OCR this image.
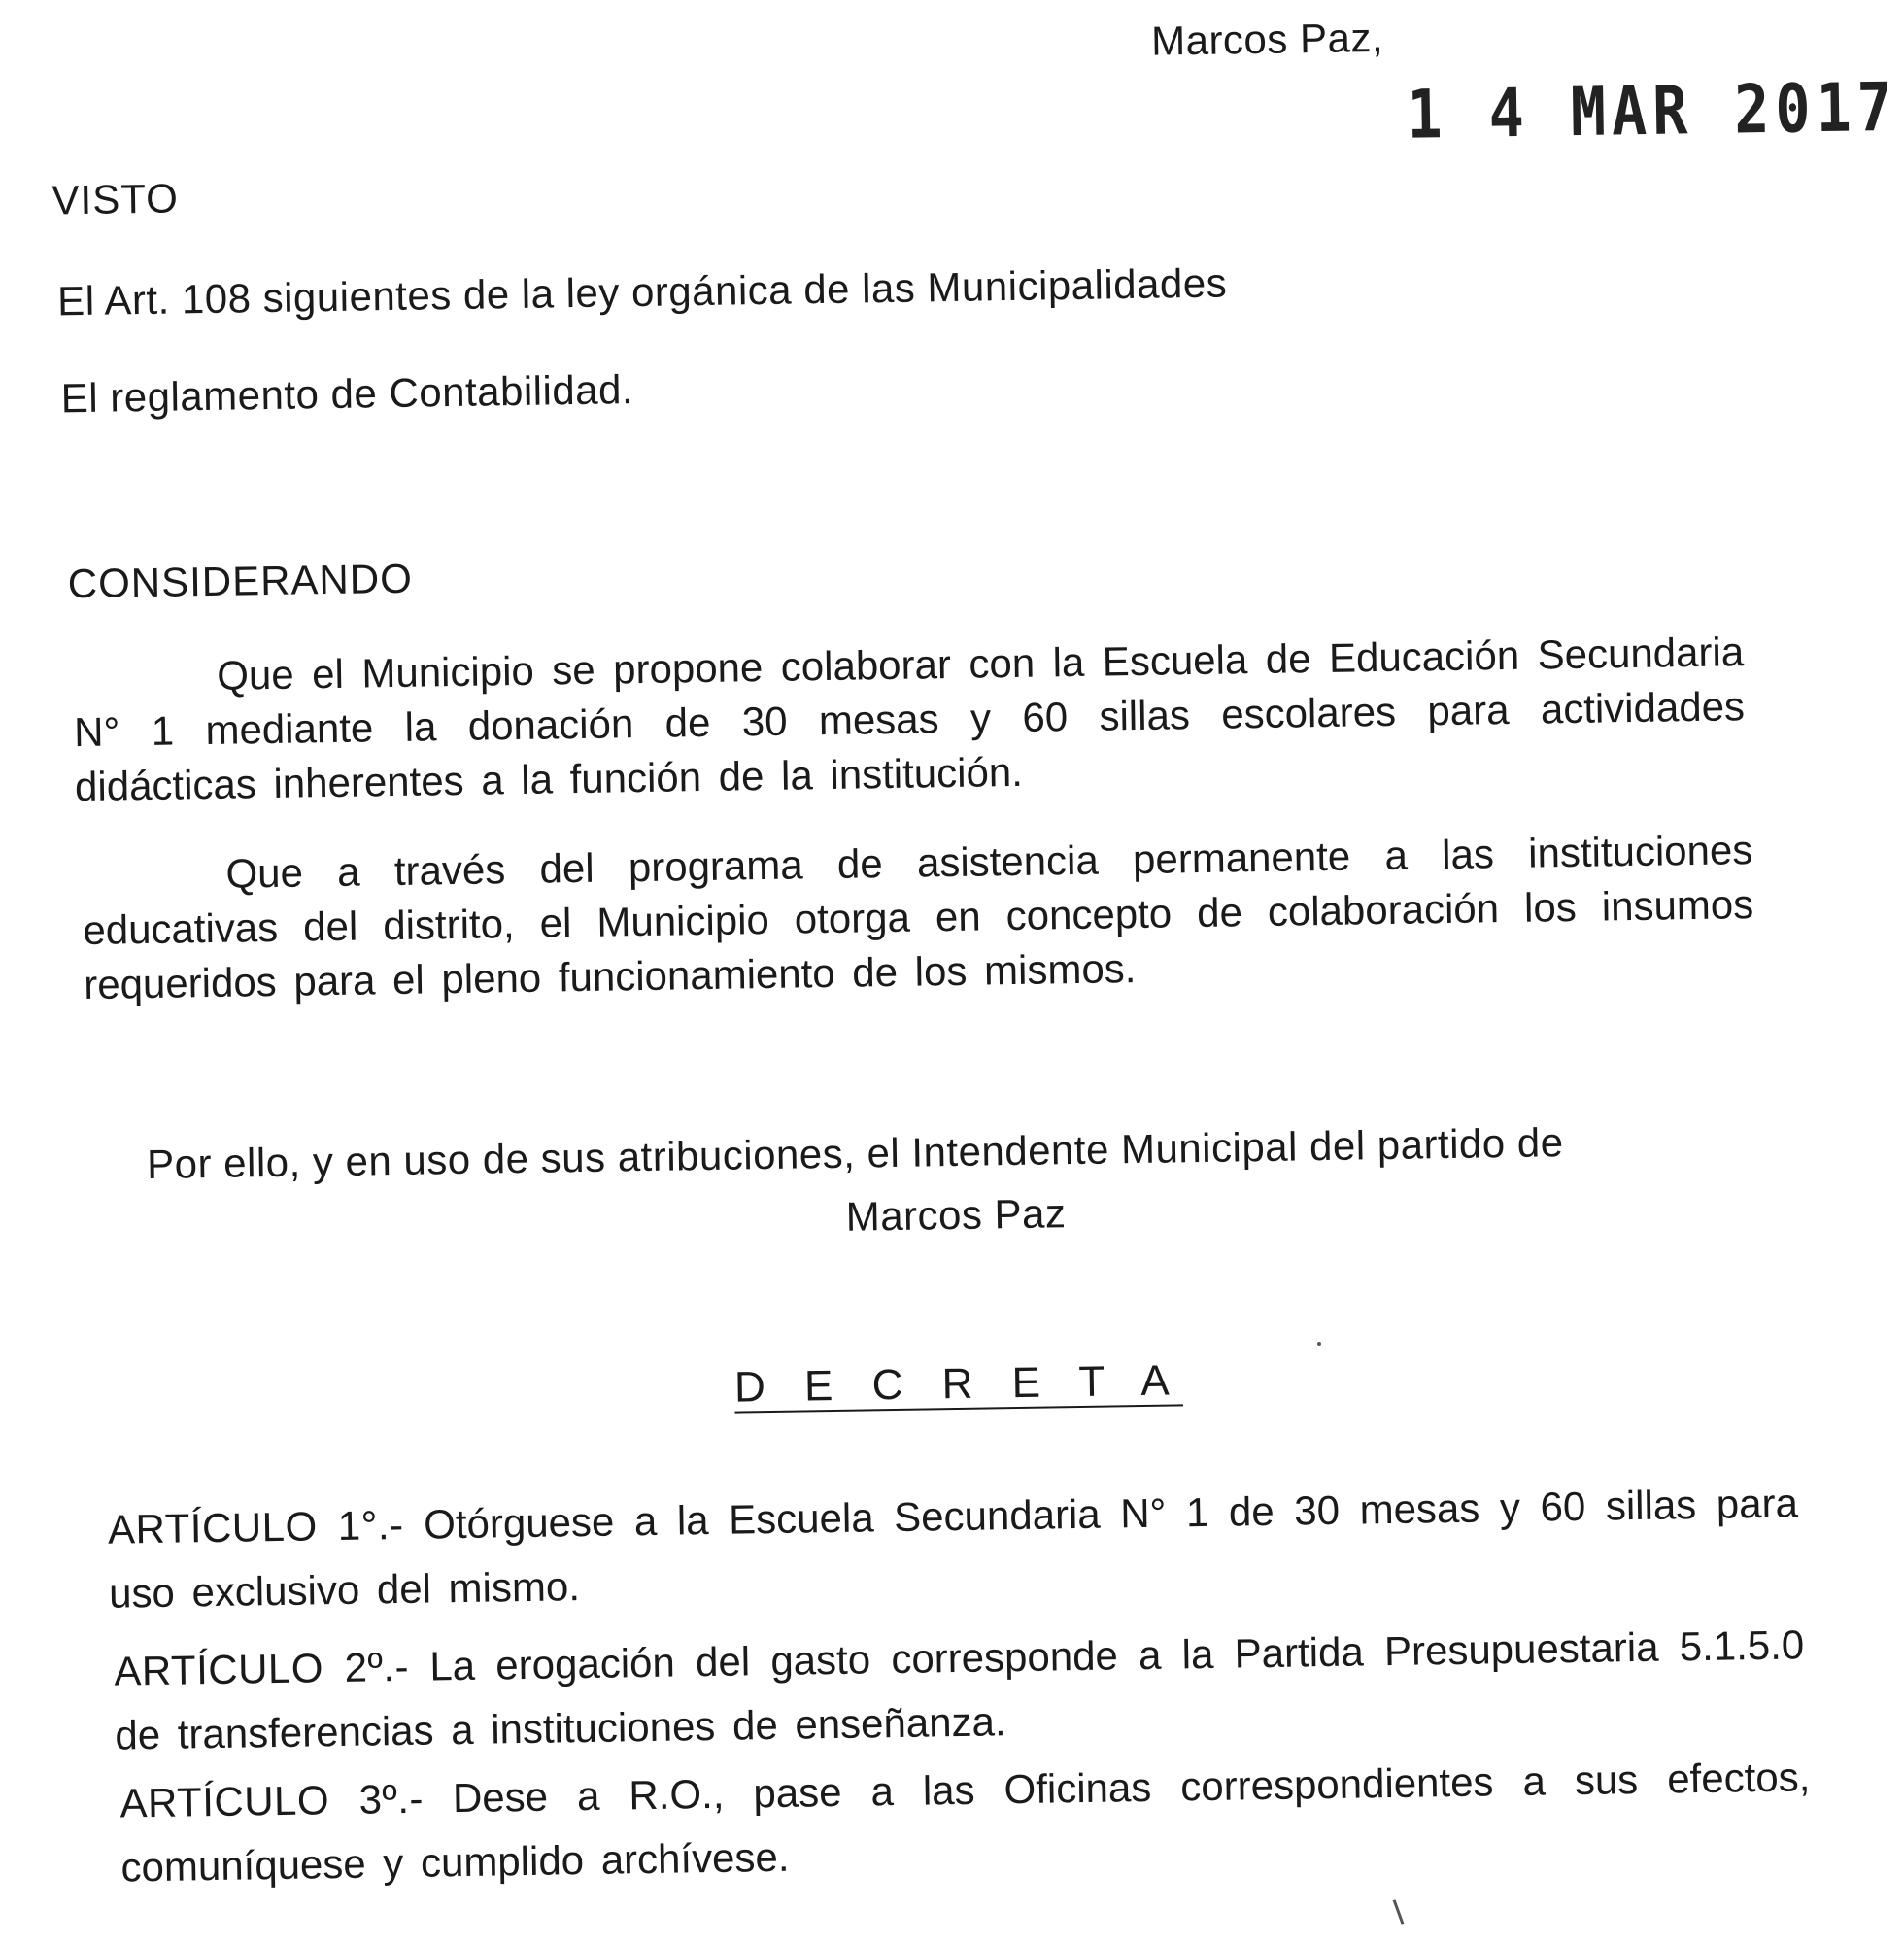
Marcos Paz,
1 4 MAR 2017
VISTO
El Art. 108 siguientes de la ley orgánica de las Municipalidades
El reglamento de Contabilidad.
CONSIDERANDO
Que el Municipio se propone colaborar con la Escuela de Educación Secundaria N° 1 mediante la donación de 30 mesas y 60 sillas escolares para actividades didácticas inherentes a la función de la institución.
Que a través del programa de asistencia permanente a las instituciones educativas del distrito, el Municipio otorga en concepto de colaboración los insumos requeridos para el pleno funcionamiento de los mismos.
Por ello, y en uso de sus atribuciones, el Intendente Municipal del partido de
Marcos Paz
D E C R E T A
ARTÍCULO 1°.- Otórguese a la Escuela Secundaria N° 1 de 30 mesas y 60 sillas para uso exclusivo del mismo.
ARTÍCULO 2º.- La erogación del gasto corresponde a la Partida Presupuestaria 5.1.5.0 de transferencias a instituciones de enseñanza.
ARTÍCULO 3º.- Dese a R.O., pase a las Oficinas correspondientes a sus efectos, comuníquese y cumplido archívese.
